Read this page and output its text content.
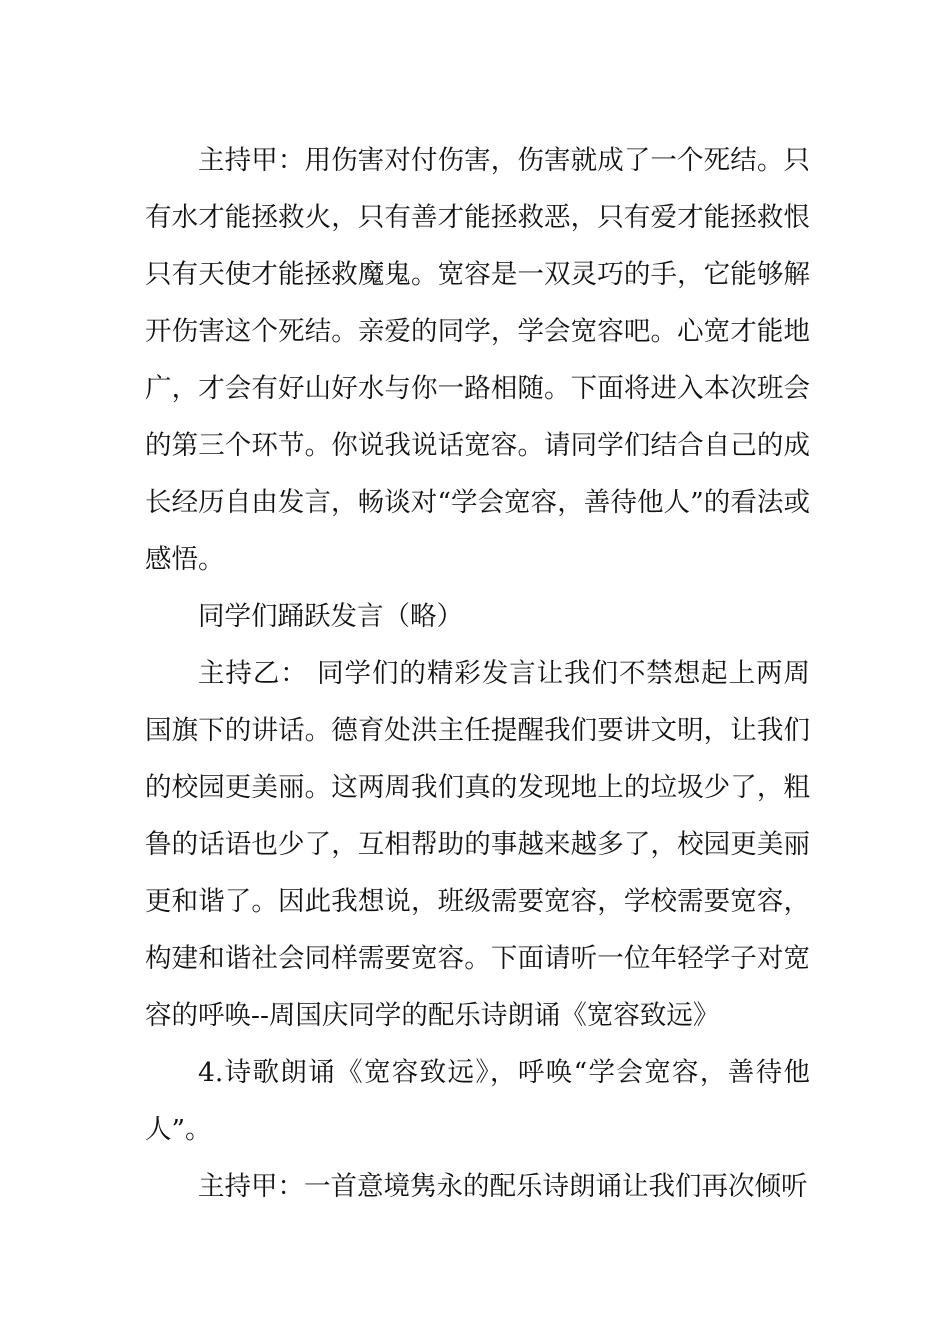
主持甲：用伤害对付伤害，伤害就成了一个死结。只有水才能拯救火，只有善才能拯救恶，只有爱才能拯救恨只有天使才能拯救魔鬼。宽容是一双灵巧的手，它能够解开伤害这个死结。亲爱的同学，学会宽容吧。心宽才能地广，才会有好山好水与你一路相随。下面将进入本次班会的第三个环节。你说我说话宽容。请同学们结合自己的成长经历自由发言，畅谈对“学会宽容，善待他人”的看法或感悟。

同学们踊跃发言（略）

主持乙： 同学们的精彩发言让我们不禁想起上两周国旗下的讲话。德育处洪主任提醒我们要讲文明，让我们的校园更美丽。这两周我们真的发现地上的垃圾少了，粗鲁的话语也少了，互相帮助的事越来越多了，校园更美丽更和谐了。因此我想说，班级需要宽容，学校需要宽容，构建和谐社会同样需要宽容。下面请听一位年轻学子对宽容的呼唤--周国庆同学的配乐诗朗诵《宽容致远》

4.诗歌朗诵《宽容致远》，呼唤“学会宽容，善待他人”。

主持甲：一首意境隽永的配乐诗朗诵让我们再次倾听
